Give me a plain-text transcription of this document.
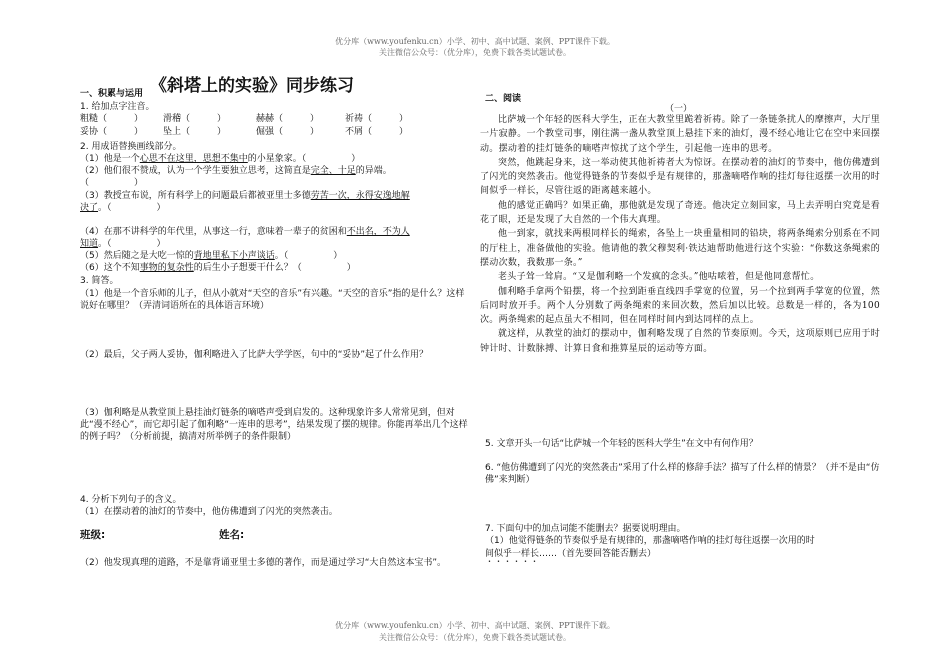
优分库（www.youfenku.cn）小学、初中、高中试题、案例、PPT课件下载。
关注微信公众号：（优分库），免费下载各类试题试卷。
《斜塔上的实验》同步练习
一、积累与运用
1. 给加点字注音。
粗糙（　　　） 滑稽（　　　）	赫赫（　　　）	祈祷（　　　）
妥协（　　　） 坠上（　　　）	倔强（　　　）	不屑（　　　）
2. 用成语替换画线部分。
（1）他是一个心思不在这里，思想不集中的小星象家。（　　　　　）
（2）他们很不赞成，认为一个学生要独立思考，这简直是完全、十足的异端。
（　　　　　）
（3）教授宣布说，所有科学上的问题最后都被亚里士多德劳苦一次，永得安逸地解
决了。（　　　　　）
（4）在那不讲科学的年代里，从事这一行，意味着一辈子的贫困和不出名，不为人
知道。（　　　　　）
（5）然后随之是大吃一惊的背地里私下小声谈话。（　　　　　）
（6）这个不知事物的复杂性的后生小子想要干什么？（　　　　　）
3. 简答。
（1）他是一个音乐师的儿子，但从小就对“天空的音乐”有兴趣。“天空的音乐”指的是什么？这样说好在哪里？（弄清词语所在的具体语言环境）
（2）最后，父子两人妥协，伽利略进入了比萨大学学医，句中的“妥协”起了什么作用？
（3）伽利略是从教堂顶上悬挂油灯链条的嘀嗒声受到启发的。这种现象许多人常常见到，但对此“漫不经心”，而它却引起了伽利略“一连串的思考”，结果发现了摆的规律。你能再举出几个这样的例子吗？（分析前提，搞清对所举例子的条件限制）
4. 分析下列句子的含义。
（1）在摆动着的油灯的节奏中，他仿佛遭到了闪光的突然袭击。
班级:	姓名:
（2）他发现真理的道路，不是靠背诵亚里士多德的著作，而是通过学习“大自然这本宝书”。
二、阅读
（一）

比萨城一个年轻的医科大学生，正在大教堂里跪着祈祷。除了一条链条扰人的摩擦声，大厅里一片寂静。一个教堂司事，刚往满一盏从教堂顶上悬挂下来的油灯，漫不经心地让它在空中来回摆动。摆动着的挂灯链条的嘀嗒声惊扰了这个学生，引起他一连串的思考。

突然，他跳起身来，这一举动使其他祈祷者大为惊讶。在摆动着的油灯的节奏中，他仿佛遭到了闪光的突然袭击。他觉得链条的节奏似乎是有规律的，那盏嘀嗒作响的挂灯每往返摆一次用的时间似乎一样长，尽管往返的距离越来越小。

他的感觉正确吗？如果正确，那他就是发现了奇迹。他决定立刻回家，马上去弄明白究竟是看花了眼，还是发现了大自然的一个伟大真理。

他一到家，就找来两根同样长的绳索，各坠上一块重量相同的铅块，将两条绳索分别系在不同的厅柱上，准备做他的实验。他请他的教父穆契利·铁达迪帮助他进行这个实验：“你数这条绳索的摆动次数，我数那一条。”

老头子耸一耸肩。“又是伽利略一个发疯的念头。”他咕哝着，但是他同意帮忙。

伽利略手拿两个铅摆，将一个拉到距垂直线四手掌宽的位置，另一个拉到两手掌宽的位置，然后同时放开手。两个人分别数了两条绳索的来回次数，然后加以比较。总数是一样的，各为100次。两条绳索的起点虽大不相同，但在同样时间内到达同样的点上。

就这样，从教堂的油灯的摆动中，伽利略发现了自然的节奏原则。今天，这项原则已应用于时钟计时、计数脉搏、计算日食和推算星辰的运动等方面。

5. 文章开头一句话“比萨城一个年轻的医科大学生”在文中有何作用？
6. “他仿佛遭到了闪光的突然袭击”采用了什么样的修辞手法？描写了什么样的情景？（并不是由“仿佛”来判断）
7. 下面句中的加点词能不能删去？据要说明理由。
（1）他觉得链条的节奏似乎是有规律的，那盏嘀嗒作响的挂灯每往返摆一次用的时
间似乎一样长……（首先要回答能否删去）
优分库（www.youfenku.cn）小学、初中、高中试题、案例、PPT课件下载。
关注微信公众号：（优分库），免费下载各类试题试卷。
